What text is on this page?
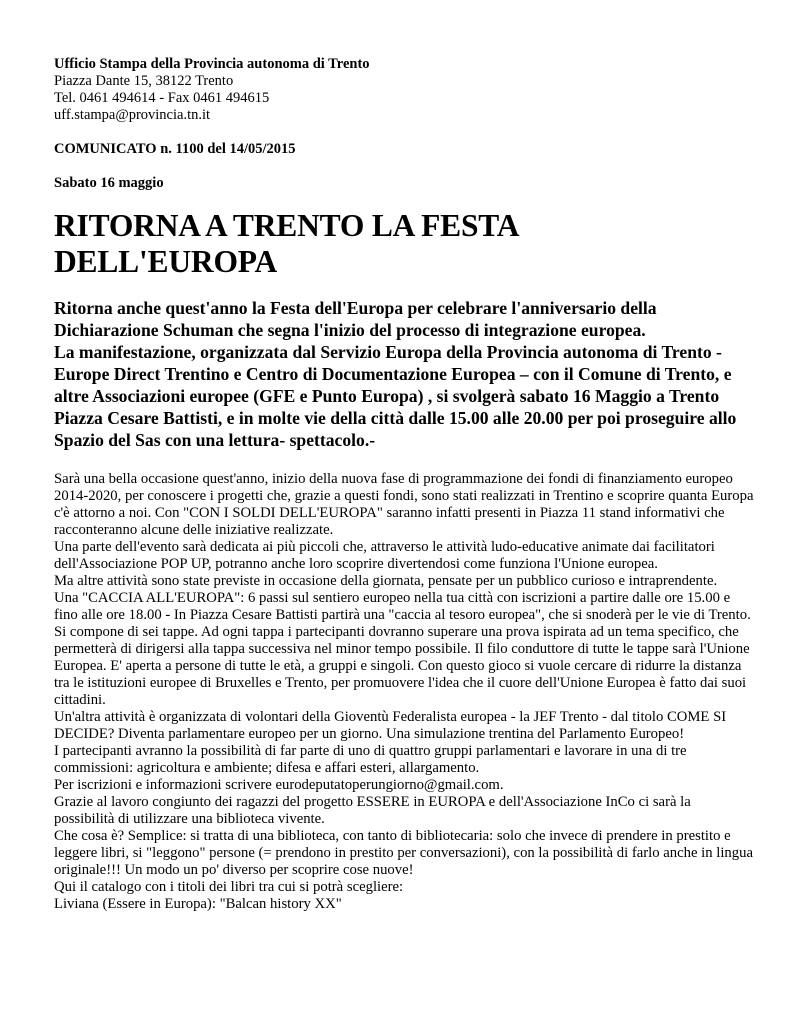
Ufficio Stampa della Provincia autonoma di Trento
Piazza Dante 15, 38122 Trento
Tel. 0461 494614 - Fax 0461 494615
uff.stampa@provincia.tn.it
COMUNICATO n. 1100 del 14/05/2015
Sabato 16 maggio
RITORNA A TRENTO LA FESTA
DELL'EUROPA

Ritorna anche quest'anno la Festa dell'Europa per celebrare l'anniversario della Dichiarazione Schuman che segna l'inizio del processo di integrazione europea.

La manifestazione, organizzata dal Servizio Europa della Provincia autonoma di Trento - Europe Direct Trentino e Centro di Documentazione Europea – con il Comune di Trento, e altre Associazioni europee (GFE e Punto Europa) , si svolgerà sabato 16 Maggio a Trento Piazza Cesare Battisti, e in molte vie della città dalle 15.00 alle 20.00 per poi proseguire allo Spazio del Sas con una lettura- spettacolo.-

Sarà una bella occasione quest'anno, inizio della nuova fase di programmazione dei fondi di finanziamento europeo 2014-2020, per conoscere i progetti che, grazie a questi fondi, sono stati realizzati in Trentino e scoprire quanta Europa c'è attorno a noi. Con "CON I SOLDI DELL'EUROPA" saranno infatti presenti in Piazza 11 stand informativi che racconteranno alcune delle iniziative realizzate.

Una parte dell'evento sarà dedicata ai più piccoli che, attraverso le attività ludo-educative animate dai facilitatori dell'Associazione POP UP, potranno anche loro scoprire divertendosi come funziona l'Unione europea.

Ma altre attività sono state previste in occasione della giornata, pensate per un pubblico curioso e intraprendente.

Una "CACCIA ALL'EUROPA": 6 passi sul sentiero europeo nella tua città con iscrizioni a partire dalle ore 15.00 e fino alle ore 18.00 - In Piazza Cesare Battisti partirà una "caccia al tesoro europea", che si snoderà per le vie di Trento. Si compone di sei tappe. Ad ogni tappa i partecipanti dovranno superare una prova ispirata ad un tema specifico, che permetterà di dirigersi alla tappa successiva nel minor tempo possibile. Il filo conduttore di tutte le tappe sarà l'Unione Europea. E' aperta a persone di tutte le età, a gruppi e singoli. Con questo gioco si vuole cercare di ridurre la distanza tra le istituzioni europee di Bruxelles e Trento, per promuovere l'idea che il cuore dell'Unione Europea è fatto dai suoi cittadini.

Un'altra attività è organizzata di volontari della Gioventù Federalista europea - la JEF Trento - dal titolo COME SI DECIDE? Diventa parlamentare europeo per un giorno. Una simulazione trentina del Parlamento Europeo!

I partecipanti avranno la possibilità di far parte di uno di quattro gruppi parlamentari e lavorare in una di tre commissioni: agricoltura e ambiente; difesa e affari esteri, allargamento.

Per iscrizioni e informazioni scrivere eurodeputatoperungiorno@gmail.com.

Grazie al lavoro congiunto dei ragazzi del progetto ESSERE in EUROPA e dell'Associazione InCo ci sarà la possibilità di utilizzare una biblioteca vivente.

Che cosa è? Semplice: si tratta di una biblioteca, con tanto di bibliotecaria: solo che invece di prendere in prestito e leggere libri, si "leggono" persone (= prendono in prestito per conversazioni), con la possibilità di farlo anche in lingua originale!!! Un modo un po' diverso per scoprire cose nuove!

Qui il catalogo con i titoli dei libri tra cui si potrà scegliere:

Liviana (Essere in Europa): "Balcan history XX"
